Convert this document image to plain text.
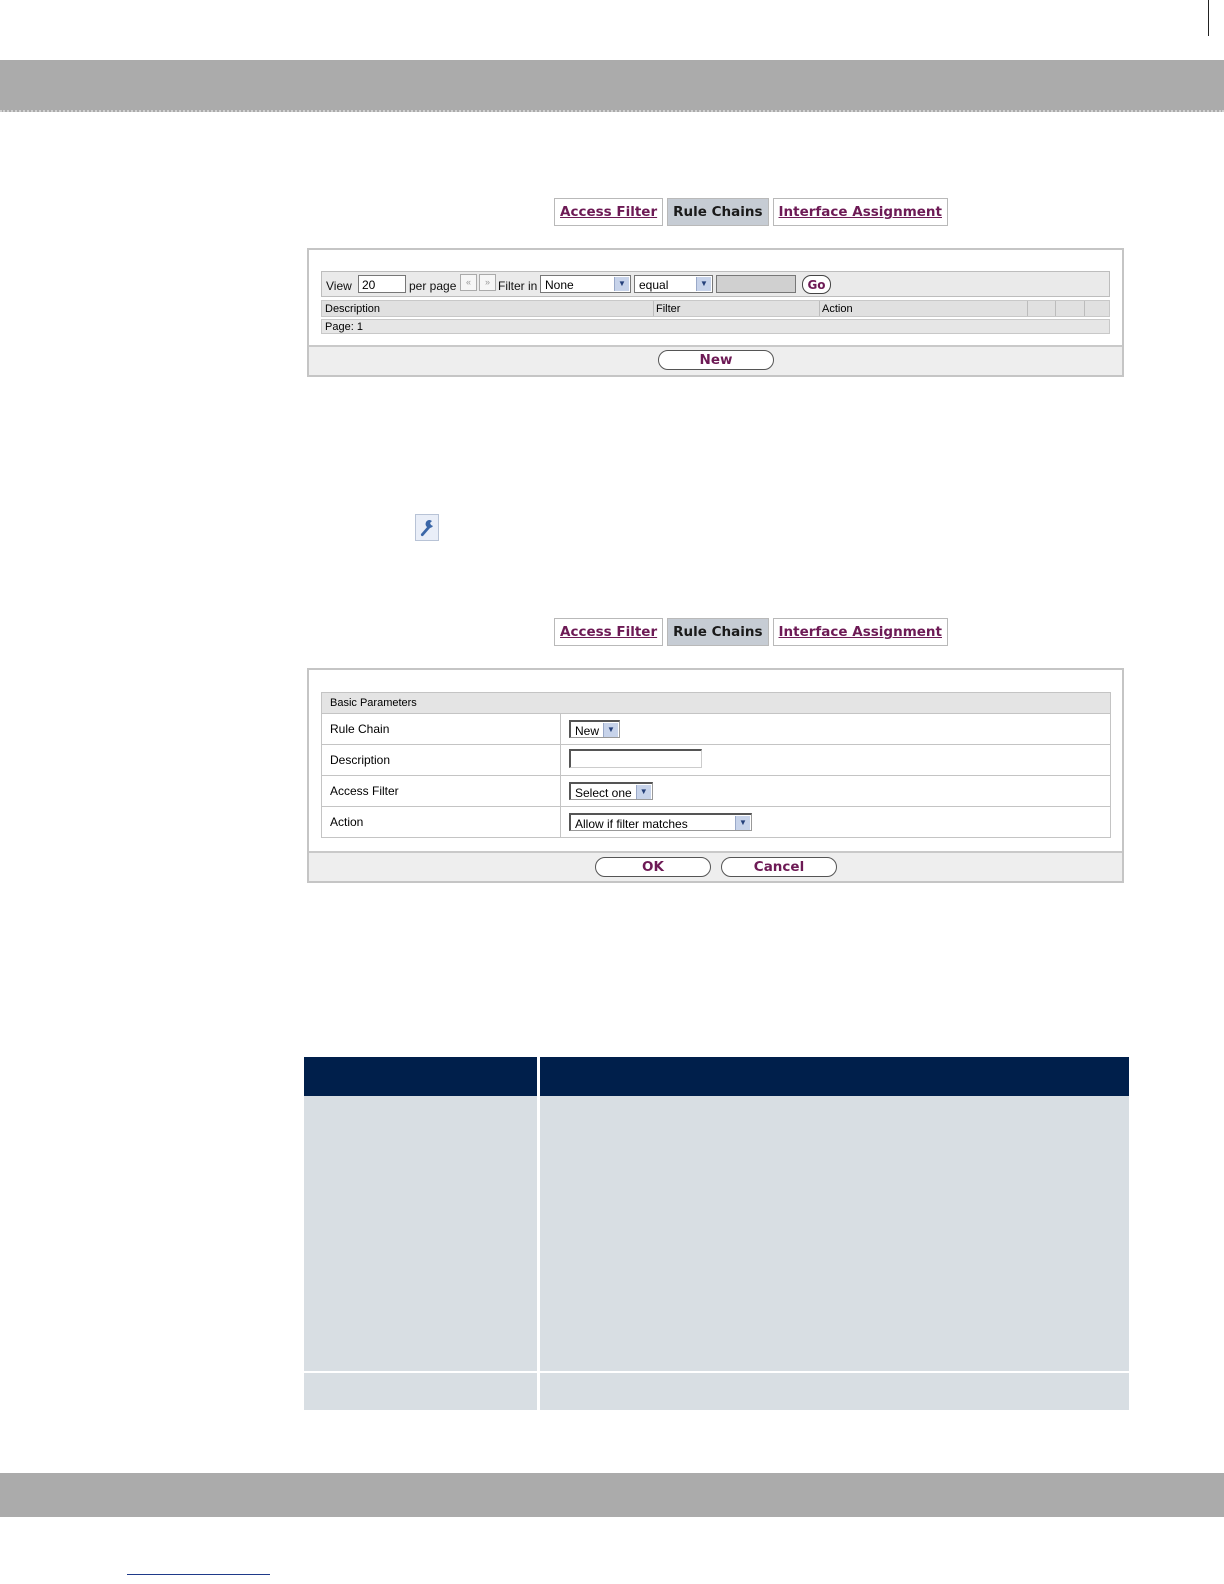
Access Filter	Rule Chains	Interface Assignment
View 20	per page	«	» Filter in None	▼	equal	▼	Go
Description	Filter	Action
Page: 1
New
Access Filter	Rule Chains	Interface Assignment
Basic Parameters	
Rule Chain	New ▼

Description	
Access Filter	Select one ▼

Action	Allow if filter matches ▼
OK	Cancel
